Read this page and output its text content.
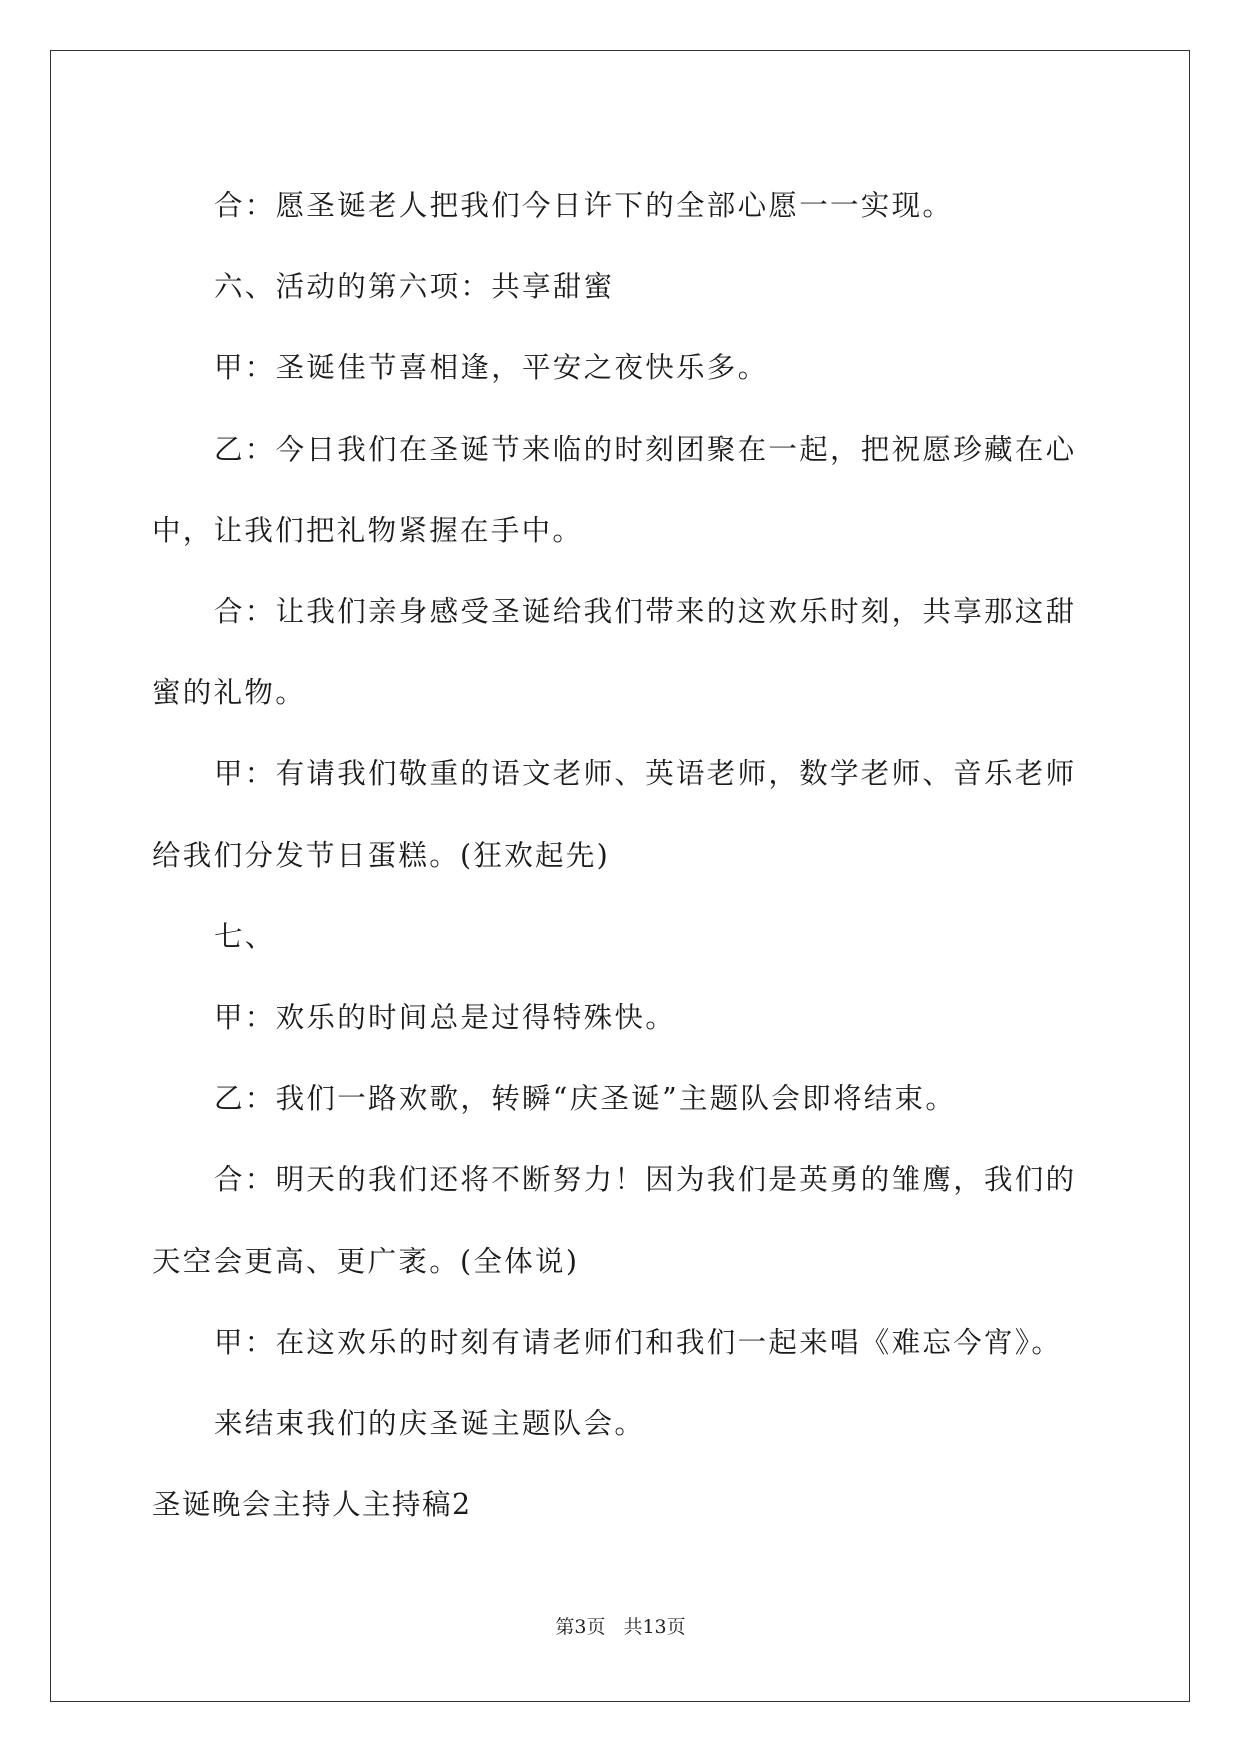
合：愿圣诞老人把我们今日许下的全部心愿一一实现。

六、活动的第六项：共享甜蜜

甲：圣诞佳节喜相逢，平安之夜快乐多。

乙：今日我们在圣诞节来临的时刻团聚在一起，把祝愿珍藏在心中，让我们把礼物紧握在手中。

合：让我们亲身感受圣诞给我们带来的这欢乐时刻，共享那这甜蜜的礼物。

甲：有请我们敬重的语文老师、英语老师，数学老师、音乐老师给我们分发节日蛋糕。(狂欢起先)

七、

甲：欢乐的时间总是过得特殊快。

乙：我们一路欢歌，转瞬“庆圣诞”主题队会即将结束。

合：明天的我们还将不断努力！因为我们是英勇的雏鹰，我们的天空会更高、更广袤。(全体说)

甲：在这欢乐的时刻有请老师们和我们一起来唱《难忘今宵》。

来结束我们的庆圣诞主题队会。

圣诞晚会主持人主持稿2

第3页 共13页
